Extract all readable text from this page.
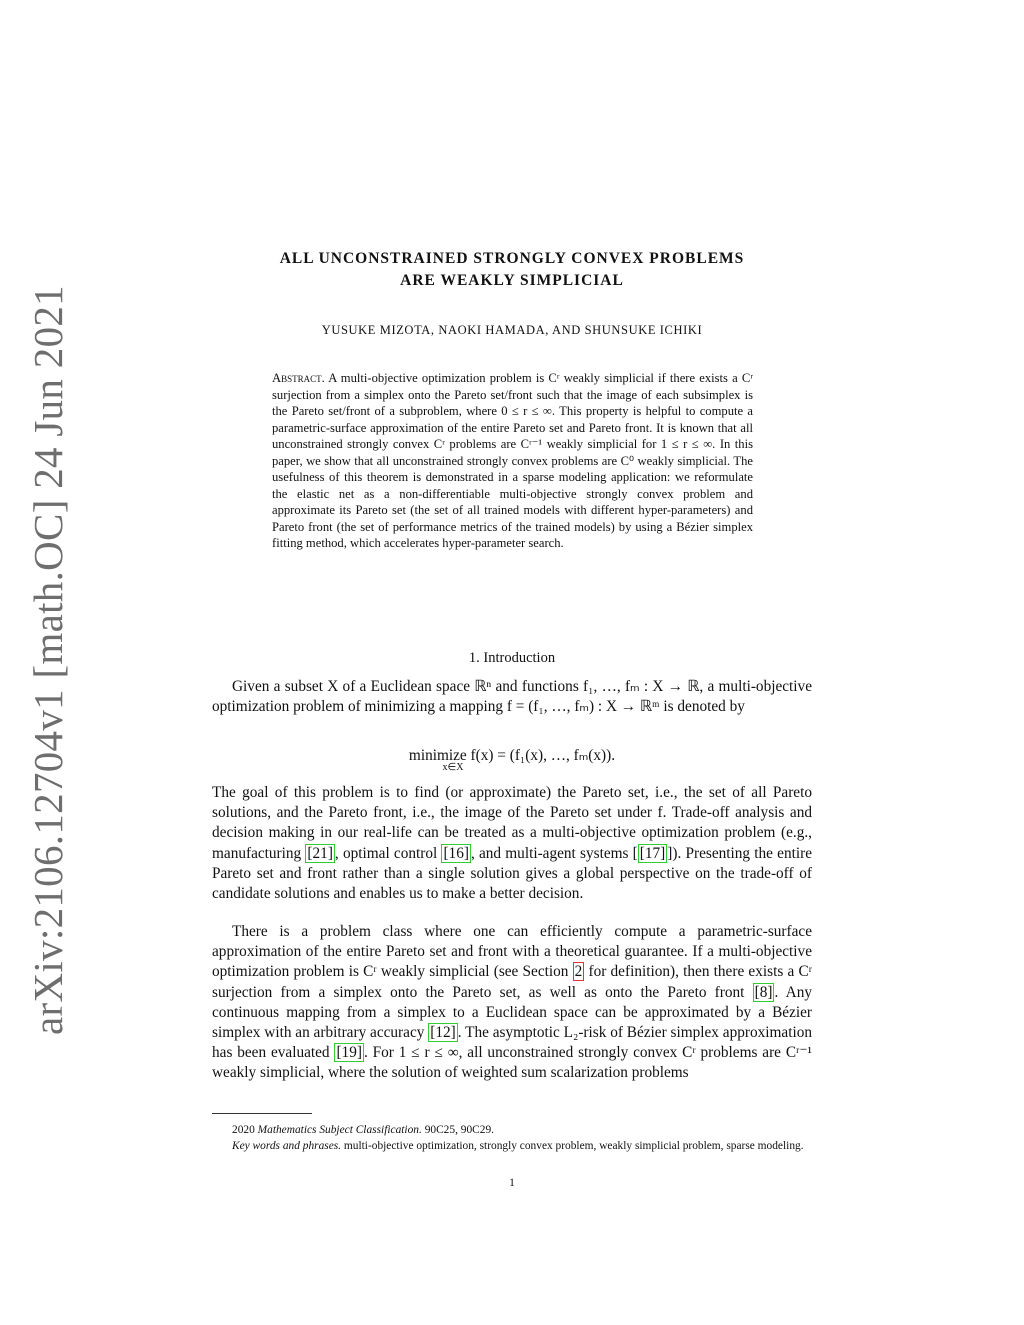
arXiv:2106.12704v1 [math.OC] 24 Jun 2021
ALL UNCONSTRAINED STRONGLY CONVEX PROBLEMS
ARE WEAKLY SIMPLICIAL
YUSUKE MIZOTA, NAOKI HAMADA, AND SHUNSUKE ICHIKI
Abstract. A multi-objective optimization problem is Cʳ weakly simplicial if there exists a Cʳ surjection from a simplex onto the Pareto set/front such that the image of each subsimplex is the Pareto set/front of a subproblem, where 0 ≤ r ≤ ∞. This property is helpful to compute a parametric-surface approximation of the entire Pareto set and Pareto front. It is known that all unconstrained strongly convex Cʳ problems are Cʳ⁻¹ weakly simplicial for 1 ≤ r ≤ ∞. In this paper, we show that all unconstrained strongly convex problems are C⁰ weakly simplicial. The usefulness of this theorem is demonstrated in a sparse modeling application: we reformulate the elastic net as a non-differentiable multi-objective strongly convex problem and approximate its Pareto set (the set of all trained models with different hyper-parameters) and Pareto front (the set of performance metrics of the trained models) by using a Bézier simplex fitting method, which accelerates hyper-parameter search.
1. Introduction

Given a subset X of a Euclidean space ℝⁿ and functions f₁, …, fₘ : X → ℝ, a multi-objective optimization problem of minimizing a mapping f = (f₁, …, fₘ) : X → ℝᵐ is denoted by

minimize f(x) = (f₁(x), …, fₘ(x)).
x∈X

The goal of this problem is to find (or approximate) the Pareto set, i.e., the set of all Pareto solutions, and the Pareto front, i.e., the image of the Pareto set under f. Trade-off analysis and decision making in our real-life can be treated as a multi-objective optimization problem (e.g., manufacturing [21] , optimal control [16] , and multi-agent systems [ [17] ]). Presenting the entire Pareto set and front rather than a single solution gives a global perspective on the trade-off of candidate solutions and enables us to make a better decision.

There is a problem class where one can efficiently compute a parametric-surface approximation of the entire Pareto set and front with a theoretical guarantee. If a multi-objective optimization problem is Cʳ weakly simplicial (see Section 2 for definition), then there exists a Cʳ surjection from a simplex onto the Pareto set, as well as onto the Pareto front [8] . Any continuous mapping from a simplex to a Euclidean space can be approximated by a Bézier simplex with an arbitrary accuracy [12] . The asymptotic L₂-risk of Bézier simplex approximation has been evaluated [19] . For 1 ≤ r ≤ ∞, all unconstrained strongly convex Cʳ problems are Cʳ⁻¹ weakly simplicial, where the solution of weighted sum scalarization problems

2020 Mathematics Subject Classification. 90C25, 90C29.

Key words and phrases. multi-objective optimization, strongly convex problem, weakly simplicial problem, sparse modeling.

1
